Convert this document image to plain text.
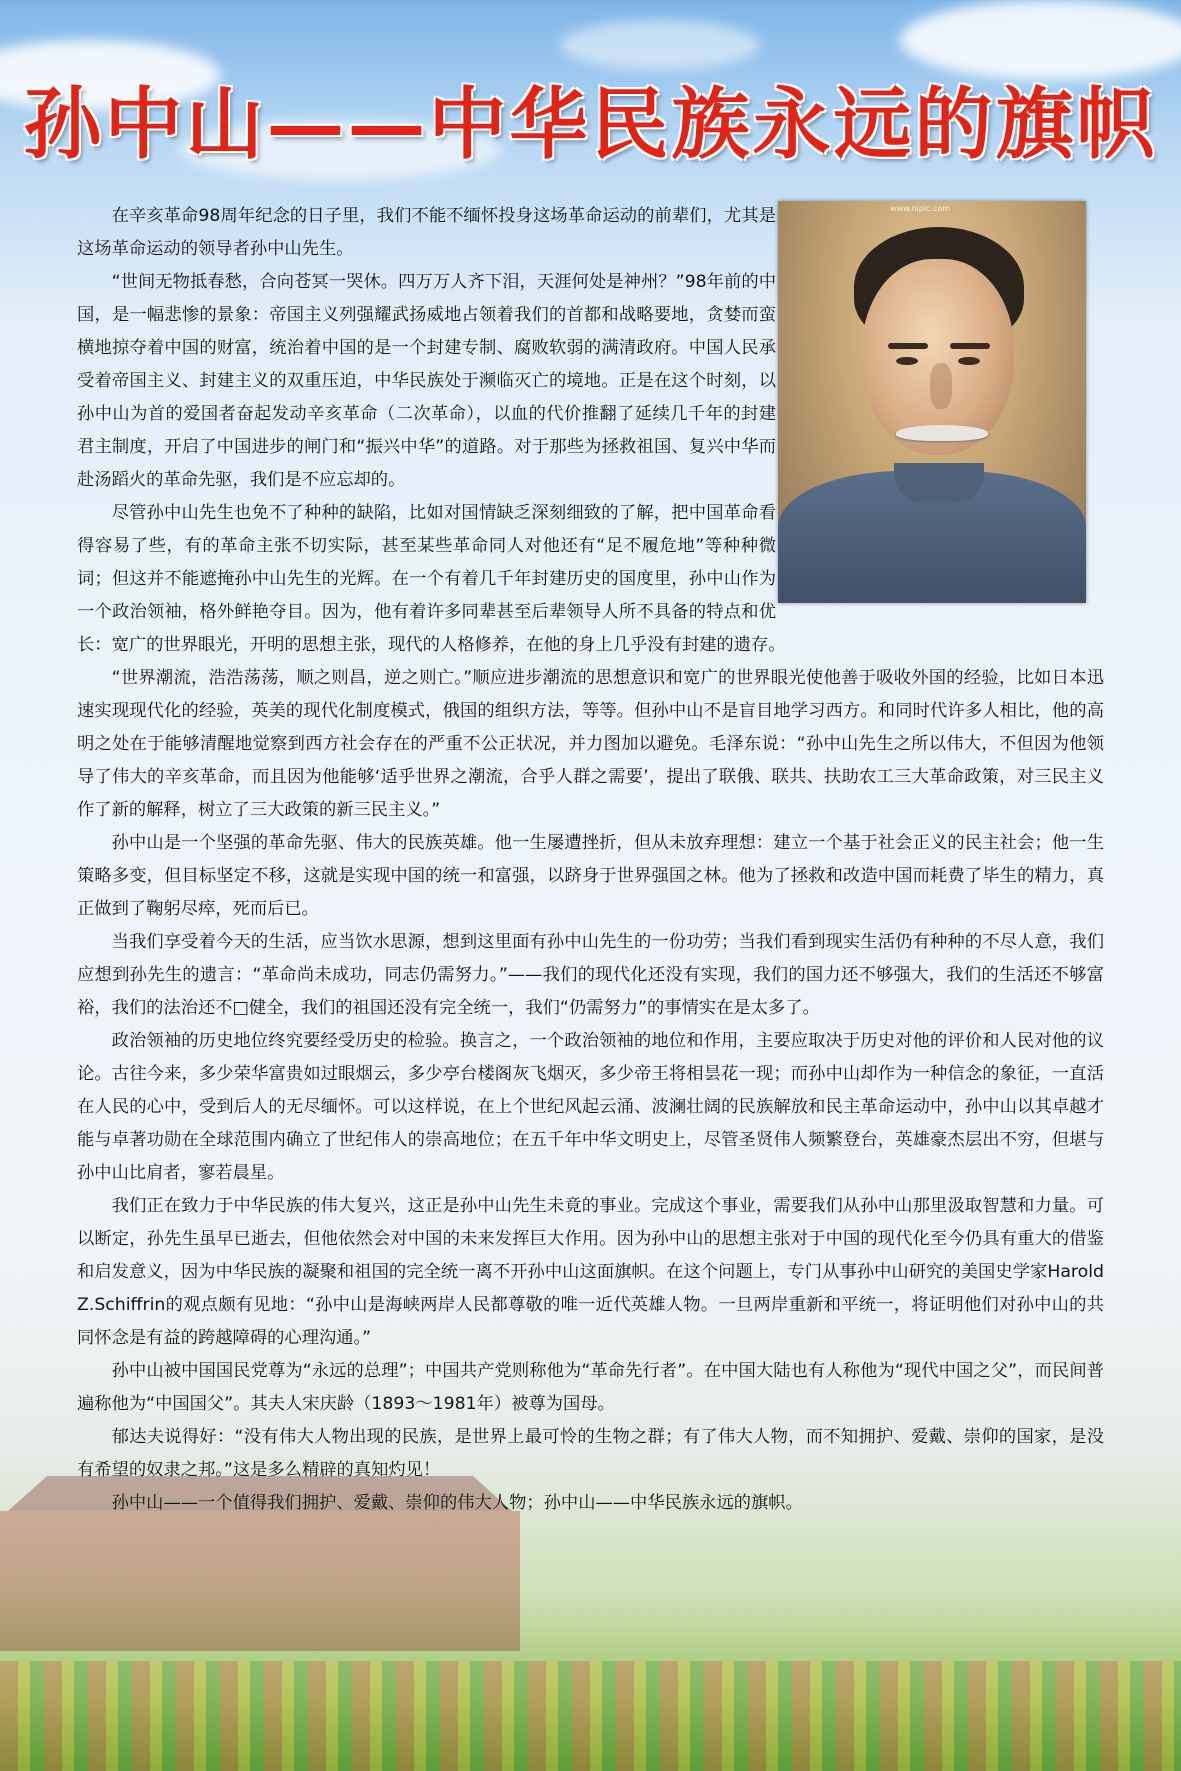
孙中山——中华民族永远的旗帜
www.nipic.com

在辛亥革命98周年纪念的日子里，我们不能不缅怀投身这场革命运动的前辈们，尤其是这场革命运动的领导者孙中山先生。

“世间无物抵春愁，合向苍冥一哭休。四万万人齐下泪，天涯何处是神州？”98年前的中国，是一幅悲惨的景象：帝国主义列强耀武扬威地占领着我们的首都和战略要地，贪婪而蛮横地掠夺着中国的财富，统治着中国的是一个封建专制、腐败软弱的满清政府。中国人民承受着帝国主义、封建主义的双重压迫，中华民族处于濒临灭亡的境地。正是在这个时刻，以孙中山为首的爱国者奋起发动辛亥革命（二次革命），以血的代价推翻了延续几千年的封建君主制度，开启了中国进步的闸门和“振兴中华”的道路。对于那些为拯救祖国、复兴中华而赴汤蹈火的革命先驱，我们是不应忘却的。

尽管孙中山先生也免不了种种的缺陷，比如对国情缺乏深刻细致的了解，把中国革命看得容易了些，有的革命主张不切实际，甚至某些革命同人对他还有“足不履危地”等种种微词；但这并不能遮掩孙中山先生的光辉。在一个有着几千年封建历史的国度里，孙中山作为一个政治领袖，格外鲜艳夺目。因为，他有着许多同辈甚至后辈领导人所不具备的特点和优长：宽广的世界眼光，开明的思想主张，现代的人格修养，在他的身上几乎没有封建的遗存。

“世界潮流，浩浩荡荡，顺之则昌，逆之则亡。”顺应进步潮流的思想意识和宽广的世界眼光使他善于吸收外国的经验，比如日本迅速实现现代化的经验，英美的现代化制度模式，俄国的组织方法，等等。但孙中山不是盲目地学习西方。和同时代许多人相比，他的高明之处在于能够清醒地觉察到西方社会存在的严重不公正状况，并力图加以避免。毛泽东说：“孙中山先生之所以伟大，不但因为他领导了伟大的辛亥革命，而且因为他能够‘适乎世界之潮流，合乎人群之需要’，提出了联俄、联共、扶助农工三大革命政策，对三民主义作了新的解释，树立了三大政策的新三民主义。”

孙中山是一个坚强的革命先驱、伟大的民族英雄。他一生屡遭挫折，但从未放弃理想：建立一个基于社会正义的民主社会；他一生策略多变，但目标坚定不移，这就是实现中国的统一和富强，以跻身于世界强国之林。他为了拯救和改造中国而耗费了毕生的精力，真正做到了鞠躬尽瘁，死而后已。

当我们享受着今天的生活，应当饮水思源，想到这里面有孙中山先生的一份功劳；当我们看到现实生活仍有种种的不尽人意，我们应想到孙先生的遗言：“革命尚未成功，同志仍需努力。”——我们的现代化还没有实现，我们的国力还不够强大，我们的生活还不够富裕，我们的法治还不□健全，我们的祖国还没有完全统一，我们“仍需努力”的事情实在是太多了。

政治领袖的历史地位终究要经受历史的检验。换言之，一个政治领袖的地位和作用，主要应取决于历史对他的评价和人民对他的议论。古往今来，多少荣华富贵如过眼烟云，多少亭台楼阁灰飞烟灭，多少帝王将相昙花一现；而孙中山却作为一种信念的象征，一直活在人民的心中，受到后人的无尽缅怀。可以这样说，在上个世纪风起云涌、波澜壮阔的民族解放和民主革命运动中，孙中山以其卓越才能与卓著功勋在全球范围内确立了世纪伟人的崇高地位；在五千年中华文明史上，尽管圣贤伟人频繁登台，英雄豪杰层出不穷，但堪与孙中山比肩者，寥若晨星。

我们正在致力于中华民族的伟大复兴，这正是孙中山先生未竟的事业。完成这个事业，需要我们从孙中山那里汲取智慧和力量。可以断定，孙先生虽早已逝去，但他依然会对中国的未来发挥巨大作用。因为孙中山的思想主张对于中国的现代化至今仍具有重大的借鉴和启发意义，因为中华民族的凝聚和祖国的完全统一离不开孙中山这面旗帜。在这个问题上，专门从事孙中山研究的美国史学家Harold Z.Schiffrin的观点颇有见地：“孙中山是海峡两岸人民都尊敬的唯一近代英雄人物。一旦两岸重新和平统一，将证明他们对孙中山的共同怀念是有益的跨越障碍的心理沟通。”

孙中山被中国国民党尊为“永远的总理”；中国共产党则称他为“革命先行者”。在中国大陆也有人称他为“现代中国之父”，而民间普遍称他为“中国国父”。其夫人宋庆龄（1893～1981年）被尊为国母。

郁达夫说得好：“没有伟大人物出现的民族，是世界上最可怜的生物之群；有了伟大人物，而不知拥护、爱戴、崇仰的国家，是没有希望的奴隶之邦。”这是多么精辟的真知灼见！

孙中山——一个值得我们拥护、爱戴、崇仰的伟大人物；孙中山——中华民族永远的旗帜。
